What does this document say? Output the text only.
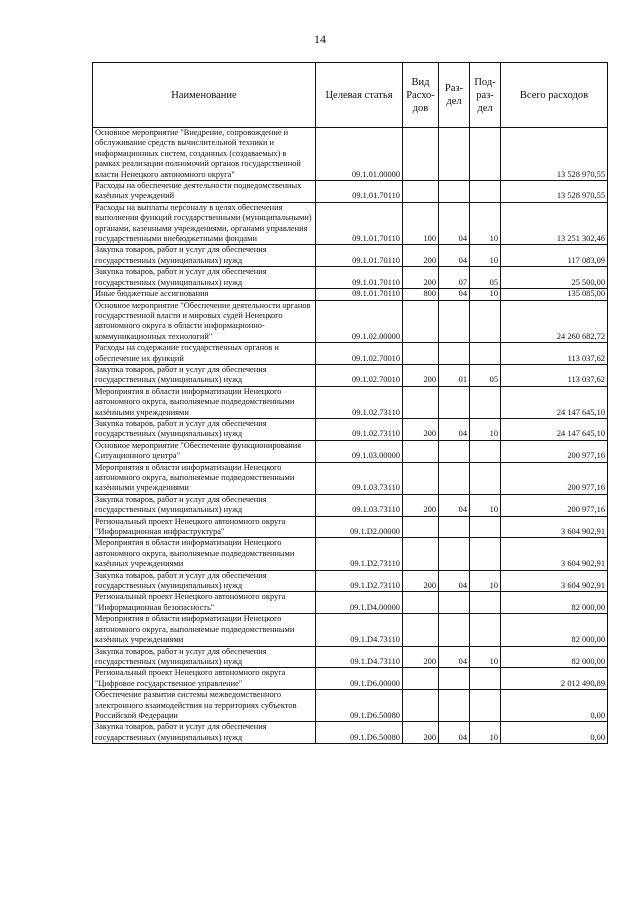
14
Наименование	Целевая статья	Вид Расхо-дов	Раз-дел	Под-раз-дел	Всего расходов
Основное мероприятие "Внедрение, сопровождение и обслуживание средств вычислительной техники и информационных систем, созданных (создаваемых) в рамках реализации полномочий органов государственной власти Ненецкого автономного округа"	09.1.01.00000				13 528 970,55
Расходы на обеспечение деятельности подведомственных казённых учреждений	09.1.01.70110				13 528 970,55
Расходы на выплаты персоналу в целях обеспечения выполнения функций государственными (муниципальными) органами, казенными учреждениями, органами управления государственными внебюджетными фондами	09.1.01.70110	100	04	10	13 251 302,46
Закупка товаров, работ и услуг для обеспечения государственных (муниципальных) нужд	09.1.01.70110	200	04	10	117 083,09
Закупка товаров, работ и услуг для обеспечения государственных (муниципальных) нужд	09.1.01.70110	200	07	05	25 500,00
Иные бюджетные ассигнования	09.1.01.70110	800	04	10	135 085,00
Основное мероприятие "Обеспечение деятельности органов государственной власти и мировых судей Ненецкого автономного округа в области информационно-коммуникационных технологий"	09.1.02.00000				24 260 682,72
Расходы на содержание государственных органов и обеспечение их функций	09.1.02.70010				113 037,62
Закупка товаров, работ и услуг для обеспечения государственных (муниципальных) нужд	09.1.02.70010	200	01	05	113 037,62
Мероприятия в области информатизации Ненецкого автономного округа, выполняемые подведомственными казёнными учреждениями	09.1.02.73110				24 147 645,10
Закупка товаров, работ и услуг для обеспечения государственных (муниципальных) нужд	09.1.02.73110	200	04	10	24 147 645,10
Основное мероприятие "Обеспечение функционирования Ситуационного центра"	09.1.03.00000				200 977,16
Мероприятия в области информатизации Ненецкого автономного округа, выполняемые подведомственными казёнными учреждениями	09.1.03.73110				200 977,16
Закупка товаров, работ и услуг для обеспечения государственных (муниципальных) нужд	09.1.03.73110	200	04	10	200 977,16
Региональный проект Ненецкого автономного округа "Информационная инфраструктура"	09.1.D2.00000				3 604 902,91
Мероприятия в области информатизации Ненецкого автономного округа, выполняемые подведомственными казённых учреждениями	09.1.D2.73110				3 604 902,91
Закупка товаров, работ и услуг для обеспечения государственных (муниципальных) нужд	09.1.D2.73110	200	04	10	3 604 902,91
Региональный проект Ненецкого автономного округа "Информационная безопасность"	09.1.D4.00000				82 000,00
Мероприятия в области информатизации Ненецкого автономного округа, выполняемые подведомственными казённых учреждениями	09.1.D4.73110				82 000,00
Закупка товаров, работ и услуг для обеспечения государственных (муниципальных) нужд	09.1.D4.73110	200	04	10	82 000,00
Региональный проект Ненецкого автономного округа "Цифровое государственное управление"	09.1.D6.00000				2 012 490,89
Обеспечение развития системы межведомственного электронного взаимодействия на территориях субъектов Российской Федерации	09.1.D6.50080				0,00
Закупка товаров, работ и услуг для обеспечения государственных (муниципальных) нужд	09.1.D6.50080	200	04	10	0,00
